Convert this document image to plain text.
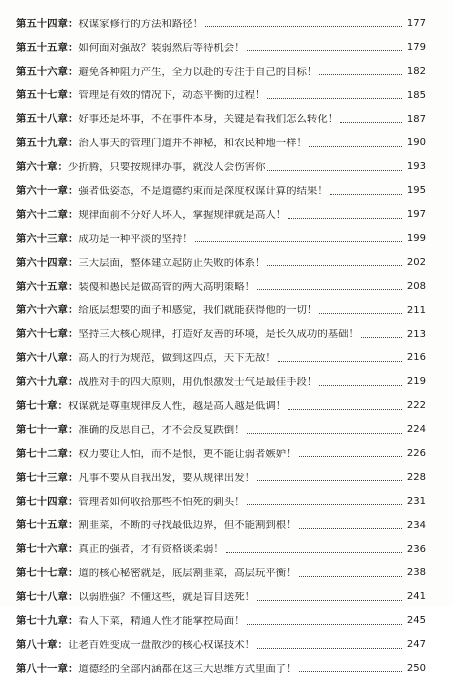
第五十四章： 权谋家修行的方法和路径！	177
第五十五章： 如何面对强敌？装弱然后等待机会！	179
第五十六章： 避免各种阻力产生，全力以赴的专注于自己的目标！	182
第五十七章： 管理是有效的情况下，动态平衡的过程！	185
第五十八章： 好事还是坏事，不在事件本身，关键是看我们怎么转化！	187
第五十九章： 治人事天的管理门道并不神秘，和农民种地一样！	190
第六十章： 少折腾，只要按规律办事，就没人会伤害你	193
第六十一章： 强者低姿态，不是道德约束而是深度权谋计算的结果！	195
第六十二章： 规律面前不分好人坏人，掌握规律就是高人！	197
第六十三章： 成功是一种平淡的坚持！	199
第六十四章： 三大层面，整体建立起防止失败的体系！	202
第六十五章： 装傻和愚民是做高管的两大高明策略！	208
第六十六章： 给底层想要的面子和感觉，我们就能获得他的一切！	211
第六十七章： 坚持三大核心规律，打造好友善的环境，是长久成功的基础！	213
第六十八章： 高人的行为规范，做到这四点，天下无敌！	216
第六十九章： 战胜对手的四大原则，用仇恨激发士气是最佳手段！	219
第七十章： 权谋就是尊重规律反人性，越是高人越是低调！	222
第七十一章： 准确的反思自己，才不会反复跌倒！	224
第七十二章： 权力要让人怕，而不是恨，更不能让弱者嫉妒！	226
第七十三章： 凡事不要从自我出发，要从规律出发！	228
第七十四章： 管理者如何收拾那些不怕死的刺头！	231
第七十五章： 割韭菜，不断的寻找最低边界，但不能割到根！	234
第七十六章： 真正的强者，才有资格谈柔弱！	236
第七十七章： 道的核心秘密就是，底层割韭菜，高层玩平衡！	238
第七十八章： 以弱胜强？不懂这些，就是盲目送死！	241
第七十九章： 看人下菜，精通人性才能掌控局面！	245
第八十章： 让老百姓变成一盘散沙的核心权谋技术！	247
第八十一章： 道德经的全部内涵都在这三大思维方式里面了！	250
